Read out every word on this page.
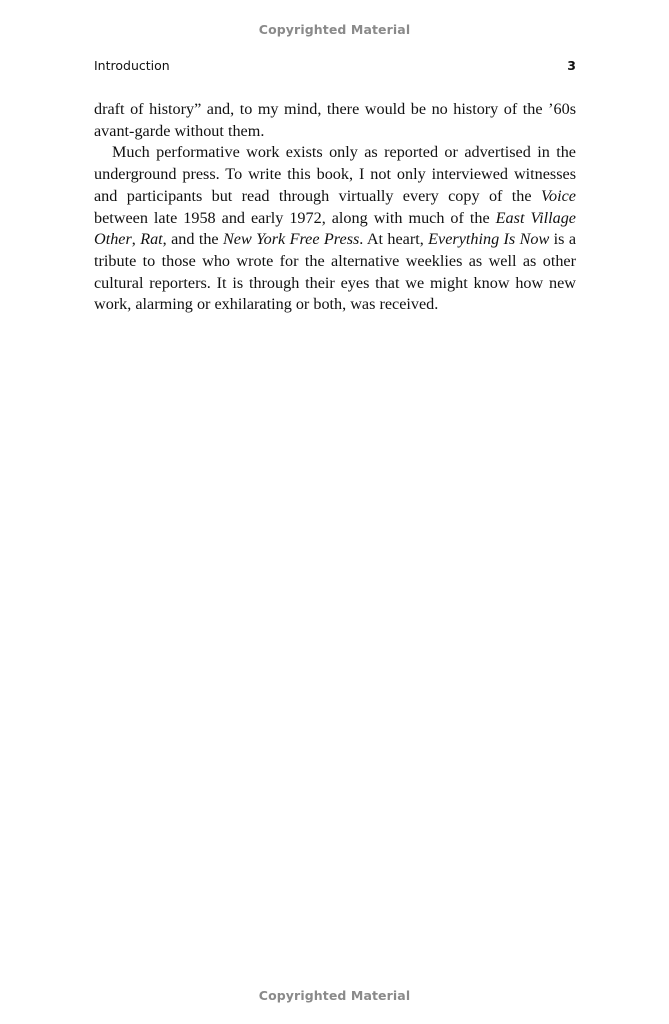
Copyrighted Material
Introduction	3

draft of history” and, to my mind, there would be no history of the ’60s avant-garde without them.

Much performative work exists only as reported or advertised in the underground press. To write this book, I not only interviewed witnesses and participants but read through virtually every copy of the Voice between late 1958 and early 1972, along with much of the East Village Other, Rat, and the New York Free Press. At heart, Everything Is Now is a tribute to those who wrote for the alternative weeklies as well as other cultural reporters. It is through their eyes that we might know how new work, alarming or exhilarating or both, was received.

Copyrighted Material
